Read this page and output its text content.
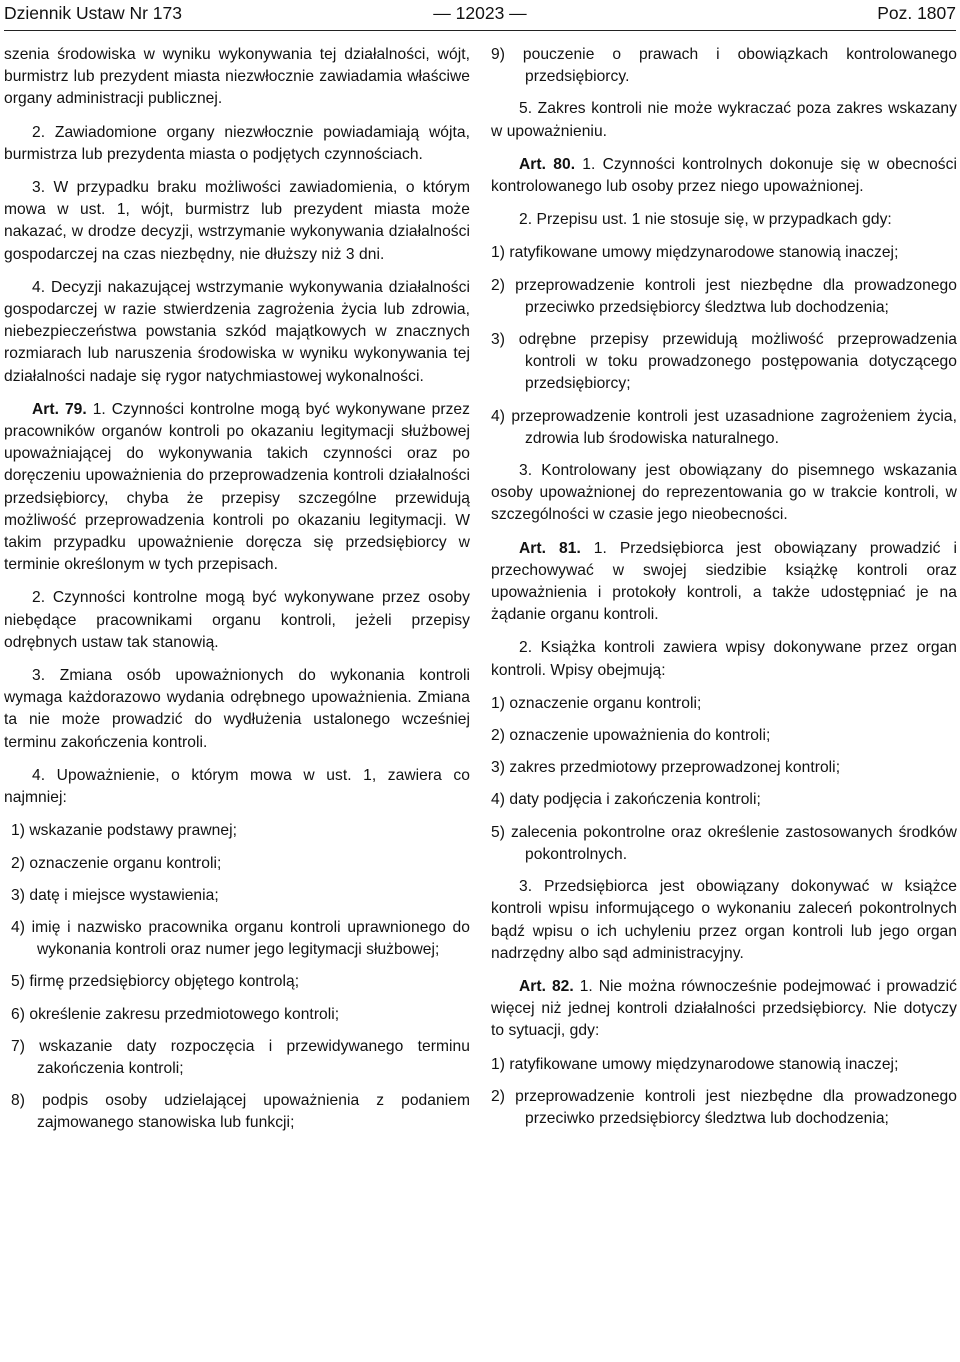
Dziennik Ustaw Nr 173	— 12023 —	Poz. 1807

szenia środowiska w wyniku wykonywania tej działalności, wójt, burmistrz lub prezydent miasta niezwłocznie zawiadamia właściwe organy administracji publicznej.

2. Zawiadomione organy niezwłocznie powiadamiają wójta, burmistrza lub prezydenta miasta o podjętych czynnościach.

3. W przypadku braku możliwości zawiadomienia, o którym mowa w ust. 1, wójt, burmistrz lub prezydent miasta może nakazać, w drodze decyzji, wstrzymanie wykonywania działalności gospodarczej na czas niezbędny, nie dłuższy niż 3 dni.

4. Decyzji nakazującej wstrzymanie wykonywania działalności gospodarczej w razie stwierdzenia zagrożenia życia lub zdrowia, niebezpieczeństwa powstania szkód majątkowych w znacznych rozmiarach lub naruszenia środowiska w wyniku wykonywania tej działalności nadaje się rygor natychmiastowej wykonalności.

Art. 79. 1. Czynności kontrolne mogą być wykonywane przez pracowników organów kontroli po okazaniu legitymacji służbowej upoważniającej do wykonywania takich czynności oraz po doręczeniu upoważnienia do przeprowadzenia kontroli działalności przedsiębiorcy, chyba że przepisy szczególne przewidują możliwość przeprowadzenia kontroli po okazaniu legitymacji. W takim przypadku upoważnienie doręcza się przedsiębiorcy w terminie określonym w tych przepisach.

2. Czynności kontrolne mogą być wykonywane przez osoby niebędące pracownikami organu kontroli, jeżeli przepisy odrębnych ustaw tak stanowią.

3. Zmiana osób upoważnionych do wykonania kontroli wymaga każdorazowo wydania odrębnego upoważnienia. Zmiana ta nie może prowadzić do wydłużenia ustalonego wcześniej terminu zakończenia kontroli.

4. Upoważnienie, o którym mowa w ust. 1, zawiera co najmniej:

1) wskazanie podstawy prawnej;

2) oznaczenie organu kontroli;

3) datę i miejsce wystawienia;

4) imię i nazwisko pracownika organu kontroli uprawnionego do wykonania kontroli oraz numer jego legitymacji służbowej;

5) firmę przedsiębiorcy objętego kontrolą;

6) określenie zakresu przedmiotowego kontroli;

7) wskazanie daty rozpoczęcia i przewidywanego terminu zakończenia kontroli;

8) podpis osoby udzielającej upoważnienia z podaniem zajmowanego stanowiska lub funkcji;

9) pouczenie o prawach i obowiązkach kontrolowanego przedsiębiorcy.

5. Zakres kontroli nie może wykraczać poza zakres wskazany w upoważnieniu.

Art. 80. 1. Czynności kontrolnych dokonuje się w obecności kontrolowanego lub osoby przez niego upoważnionej.

2. Przepisu ust. 1 nie stosuje się, w przypadkach gdy:

1) ratyfikowane umowy międzynarodowe stanowią inaczej;

2) przeprowadzenie kontroli jest niezbędne dla prowadzonego przeciwko przedsiębiorcy śledztwa lub dochodzenia;

3) odrębne przepisy przewidują możliwość przeprowadzenia kontroli w toku prowadzonego postępowania dotyczącego przedsiębiorcy;

4) przeprowadzenie kontroli jest uzasadnione zagrożeniem życia, zdrowia lub środowiska naturalnego.

3. Kontrolowany jest obowiązany do pisemnego wskazania osoby upoważnionej do reprezentowania go w trakcie kontroli, w szczególności w czasie jego nieobecności.

Art. 81. 1. Przedsiębiorca jest obowiązany prowadzić i przechowywać w swojej siedzibie książkę kontroli oraz upoważnienia i protokoły kontroli, a także udostępniać je na żądanie organu kontroli.

2. Książka kontroli zawiera wpisy dokonywane przez organ kontroli. Wpisy obejmują:

1) oznaczenie organu kontroli;

2) oznaczenie upoważnienia do kontroli;

3) zakres przedmiotowy przeprowadzonej kontroli;

4) daty podjęcia i zakończenia kontroli;

5) zalecenia pokontrolne oraz określenie zastosowanych środków pokontrolnych.

3. Przedsiębiorca jest obowiązany dokonywać w książce kontroli wpisu informującego o wykonaniu zaleceń pokontrolnych bądź wpisu o ich uchyleniu przez organ kontroli lub jego organ nadrzędny albo sąd administracyjny.

Art. 82. 1. Nie można równocześnie podejmować i prowadzić więcej niż jednej kontroli działalności przedsiębiorcy. Nie dotyczy to sytuacji, gdy:

1) ratyfikowane umowy międzynarodowe stanowią inaczej;

2) przeprowadzenie kontroli jest niezbędne dla prowadzonego przeciwko przedsiębiorcy śledztwa lub dochodzenia;
